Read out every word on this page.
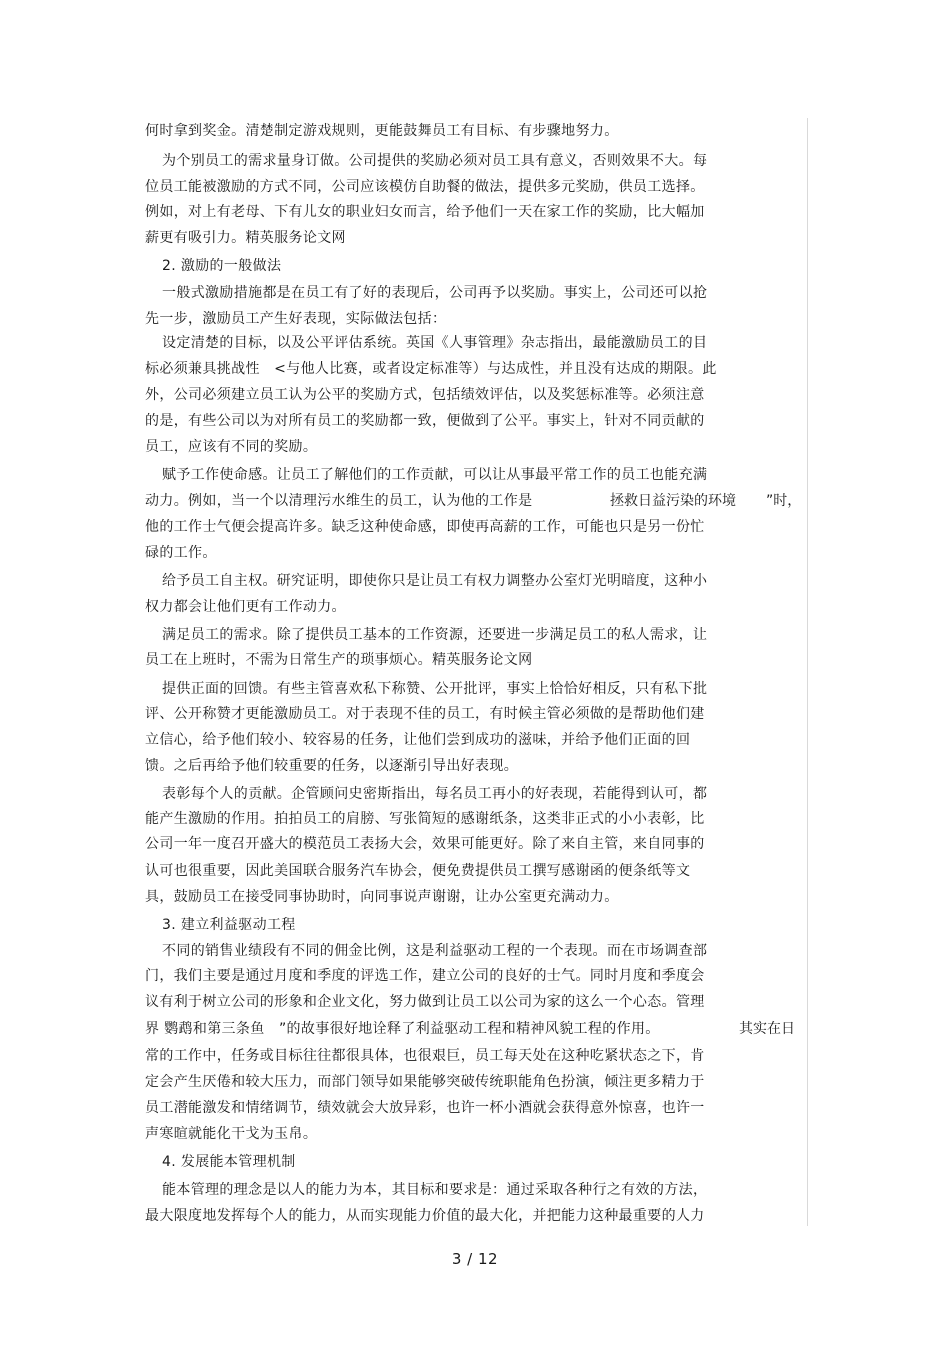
何时拿到奖金。清楚制定游戏规则，更能鼓舞员工有目标、有步骤地努力。
为个别员工的需求量身订做。公司提供的奖励必须对员工具有意义，否则效果不大。每
位员工能被激励的方式不同，公司应该模仿自助餐的做法，提供多元奖励，供员工选择。
例如，对上有老母、下有儿女的职业妇女而言，给予他们一天在家工作的奖励，比大幅加
薪更有吸引力。精英服务论文网
2. 激励的一般做法
一般式激励措施都是在员工有了好的表现后，公司再予以奖励。事实上，公司还可以抢
先一步，激励员工产生好表现，实际做法包括：
设定清楚的目标，以及公平评估系统。英国《人事管理》杂志指出，最能激励员工的目
标必须兼具挑战性　<与他人比赛，或者设定标准等）与达成性，并且没有达成的期限。此
外，公司必须建立员工认为公平的奖励方式，包括绩效评估，以及奖惩标准等。必须注意
的是，有些公司以为对所有员工的奖励都一致，便做到了公平。事实上，针对不同贡献的
员工，应该有不同的奖励。
赋予工作使命感。让员工了解他们的工作贡献，可以让从事最平常工作的员工也能充满
动力。例如，当一个以清理污水维生的员工，认为他的工作是	拯救日益污染的环境 ”时，
他的工作士气便会提高许多。缺乏这种使命感，即使再高薪的工作，可能也只是另一份忙
碌的工作。
给予员工自主权。研究证明，即使你只是让员工有权力调整办公室灯光明暗度，这种小
权力都会让他们更有工作动力。
满足员工的需求。除了提供员工基本的工作资源，还要进一步满足员工的私人需求，让
员工在上班时，不需为日常生产的琐事烦心。精英服务论文网
提供正面的回馈。有些主管喜欢私下称赞、公开批评，事实上恰恰好相反，只有私下批
评、公开称赞才更能激励员工。对于表现不佳的员工，有时候主管必须做的是帮助他们建
立信心，给予他们较小、较容易的任务，让他们尝到成功的滋味，并给予他们正面的回
馈。之后再给予他们较重要的任务，以逐渐引导出好表现。
表彰每个人的贡献。企管顾问史密斯指出，每名员工再小的好表现，若能得到认可，都
能产生激励的作用。拍拍员工的肩膀、写张简短的感谢纸条，这类非正式的小小表彰，比
公司一年一度召开盛大的模范员工表扬大会，效果可能更好。除了来自主管，来自同事的
认可也很重要，因此美国联合服务汽车协会，便免费提供员工撰写感谢函的便条纸等文
具，鼓励员工在接受同事协助时，向同事说声谢谢，让办公室更充满动力。
3. 建立利益驱动工程
不同的销售业绩段有不同的佣金比例，这是利益驱动工程的一个表现。而在市场调查部
门，我们主要是通过月度和季度的评选工作，建立公司的良好的士气。同时月度和季度会
议有利于树立公司的形象和企业文化，努力做到让员工以公司为家的这么一个心态。管理
界 鹦鹉和第三条鱼　”的故事很好地诠释了利益驱动工程和精神风貌工程的作用。	其实在日
常的工作中，任务或目标往往都很具体，也很艰巨，员工每天处在这种吃紧状态之下，肯
定会产生厌倦和较大压力，而部门领导如果能够突破传统职能角色扮演，倾注更多精力于
员工潜能激发和情绪调节，绩效就会大放异彩，也许一杯小酒就会获得意外惊喜，也许一
声寒暄就能化干戈为玉帛。
4. 发展能本管理机制
能本管理的理念是以人的能力为本，其目标和要求是：通过采取各种行之有效的方法，
最大限度地发挥每个人的能力，从而实现能力价值的最大化，并把能力这种最重要的人力
3 / 12
